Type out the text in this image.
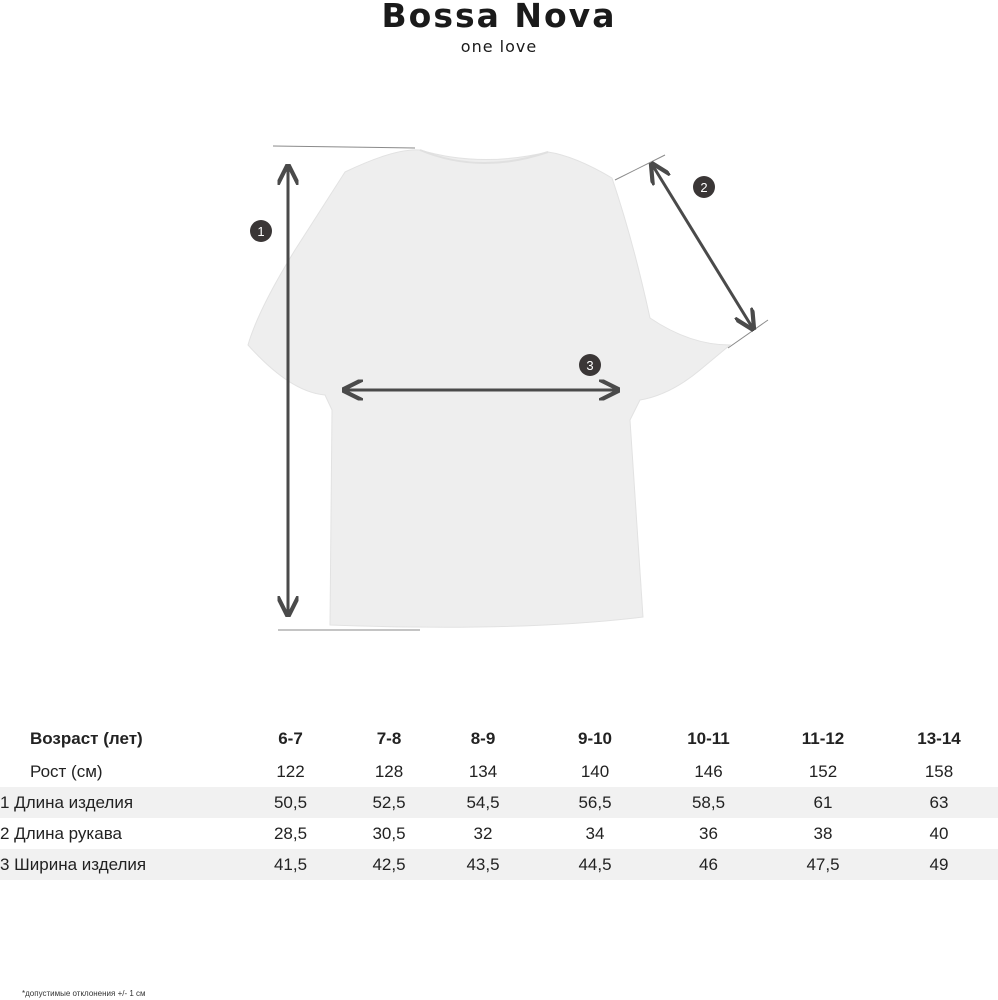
Bossa Nova
one love
1
2
3
Возраст (лет)	6-7	7-8	8-9	9-10	10-11	11-12	13-14
Рост (см)	122	128	134	140	146	152	158
1 Длина изделия	50,5	52,5	54,5	56,5	58,5	61	63
2 Длина рукава	28,5	30,5	32	34	36	38	40
3 Ширина изделия	41,5	42,5	43,5	44,5	46	47,5	49
*допустимые отклонения +/- 1 см
